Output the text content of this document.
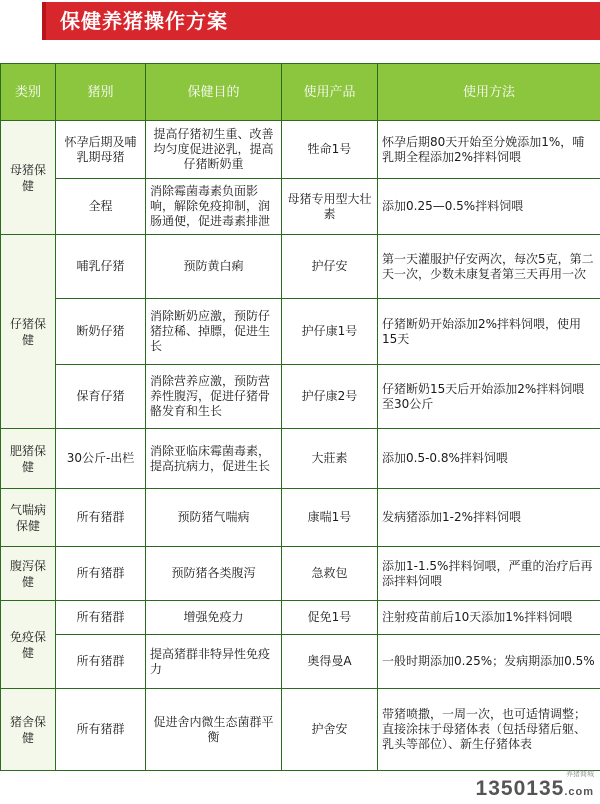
保健养猪操作方案
类别	猪别	保健目的	使用产品	使用方法
母猪保健	怀孕后期及哺乳期母猪	提高仔猪初生重、改善均匀度促进泌乳，提高仔猪断奶重	牲命1号	怀孕后期80天开始至分娩添加1%，哺乳期全程添加2%拌料饲喂
	全程	消除霉菌毒素负面影响，解除免疫抑制，润肠通便，促进毒素排泄	母猪专用型大壮素	添加0.25—0.5%拌料饲喂
仔猪保健	哺乳仔猪	预防黄白痢	护仔安	第一天灌服护仔安两次，每次5克，第二天一次，少数未康复者第三天再用一次
	断奶仔猪	消除断奶应激，预防仔猪拉稀、掉膘，促进生长	护仔康1号	仔猪断奶开始添加2%拌料饲喂，使用15天
	保育仔猪	消除营养应激，预防营养性腹泻，促进仔猪骨骼发育和生长	护仔康2号	仔猪断奶15天后开始添加2%拌料饲喂至30公斤
肥猪保健	30公斤-出栏	消除亚临床霉菌毒素，提高抗病力，促进生长	大莊素	添加0.5-0.8%拌料饲喂
气喘病保健	所有猪群	预防猪气喘病	康喘1号	发病猪添加1-2%拌料饲喂
腹泻保健	所有猪群	预防猪各类腹泻	急救包	添加1-1.5%拌料饲喂，严重的治疗后再添拌料饲喂
免疫保健	所有猪群	增强免疫力	促免1号	注射疫苗前后10天添加1%拌料饲喂
	所有猪群	提高猪群非特异性免疫力	奥得曼A	一般时期添加0.25%；发病期添加0.5%
猪舍保健	所有猪群	促进舍内微生态菌群平衡	护舍安	带猪喷撒，一周一次，也可适情调整；直接涂抹于母猪体表（包括母猪后躯、乳头等部位）、新生仔猪体表
养猪商城
1350135.com
